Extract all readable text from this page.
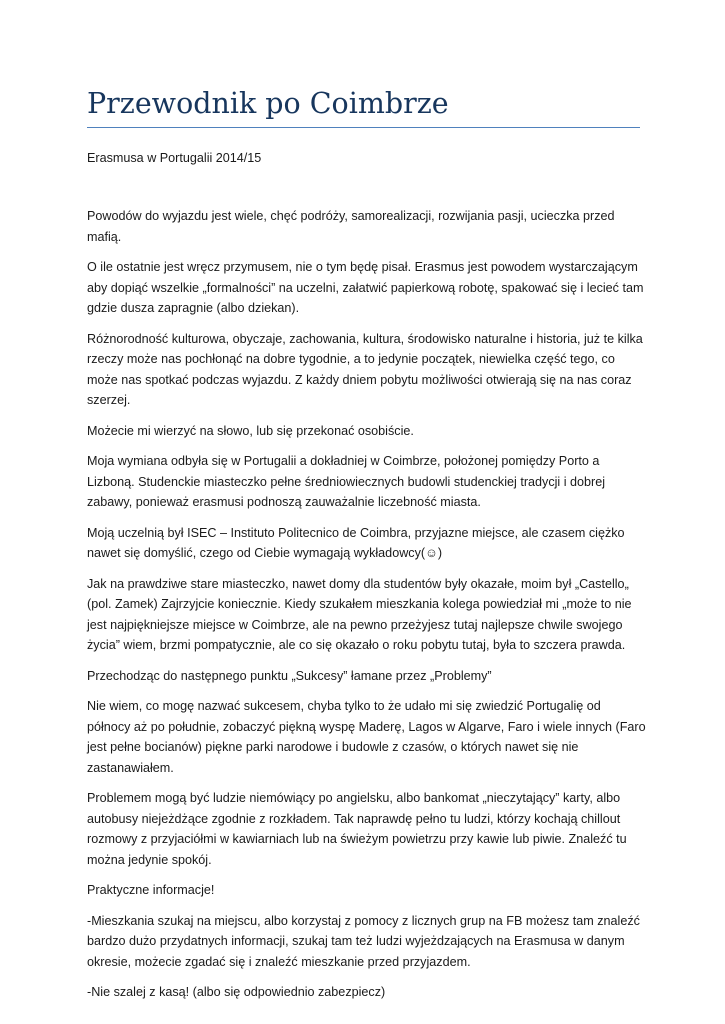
Przewodnik po Coimbrze
Erasmusa w Portugalii 2014/15

Powodów do wyjazdu jest wiele, chęć podróży, samorealizacji, rozwijania pasji, ucieczka przed mafią.

O ile ostatnie jest wręcz przymusem, nie o tym będę pisał. Erasmus jest powodem wystarczającym aby dopiąć wszelkie „formalności” na uczelni, załatwić papierkową robotę, spakować się i lecieć tam gdzie dusza zapragnie (albo dziekan).

Różnorodność kulturowa, obyczaje, zachowania, kultura, środowisko naturalne i historia, już te kilka rzeczy może nas pochłonąć na dobre tygodnie, a to jedynie początek, niewielka część tego, co może nas spotkać podczas wyjazdu. Z każdy dniem pobytu możliwości otwierają się na nas coraz szerzej.

Możecie mi wierzyć na słowo, lub się przekonać osobiście.

Moja wymiana odbyła się w Portugalii a dokładniej w Coimbrze, położonej pomiędzy Porto a Lizboną. Studenckie miasteczko pełne średniowiecznych budowli studenckiej tradycji i dobrej zabawy, ponieważ erasmusi podnoszą zauważalnie liczebność miasta.

Moją uczelnią był ISEC – Instituto Politecnico de Coimbra, przyjazne miejsce, ale czasem ciężko nawet się domyślić, czego od Ciebie wymagają wykładowcy(☺)

Jak na prawdziwe stare miasteczko, nawet domy dla studentów były okazałe, moim był „Castello„ (pol. Zamek) Zajrzyjcie koniecznie. Kiedy szukałem mieszkania kolega powiedział mi „może to nie jest najpiękniejsze miejsce w Coimbrze, ale na pewno przeżyjesz tutaj najlepsze chwile swojego życia” wiem, brzmi pompatycznie, ale co się okazało o roku pobytu tutaj, była to szczera prawda.

Przechodząc do następnego punktu „Sukcesy” łamane przez „Problemy”

Nie wiem, co mogę nazwać sukcesem, chyba tylko to że udało mi się zwiedzić Portugalię od północy aż po południe, zobaczyć piękną wyspę Maderę, Lagos w Algarve, Faro i wiele innych (Faro jest pełne bocianów) piękne parki narodowe i budowle z czasów, o których nawet się nie zastanawiałem.

Problemem mogą być ludzie niemówiący po angielsku, albo bankomat „nieczytający” karty, albo autobusy niejeżdżące zgodnie z rozkładem. Tak naprawdę pełno tu ludzi, którzy kochają chillout rozmowy z przyjaciółmi w kawiarniach lub na świeżym powietrzu przy kawie lub piwie. Znaleźć tu można jedynie spokój.

Praktyczne informacje!

-Mieszkania szukaj na miejscu, albo korzystaj z pomocy z licznych grup na FB możesz tam znaleźć bardzo dużo przydatnych informacji, szukaj tam też ludzi wyjeżdzających na Erasmusa w danym okresie, możecie zgadać się i znaleźć mieszkanie przed przyjazdem.

-Nie szalej z kasą! (albo się odpowiednio zabezpiecz)
